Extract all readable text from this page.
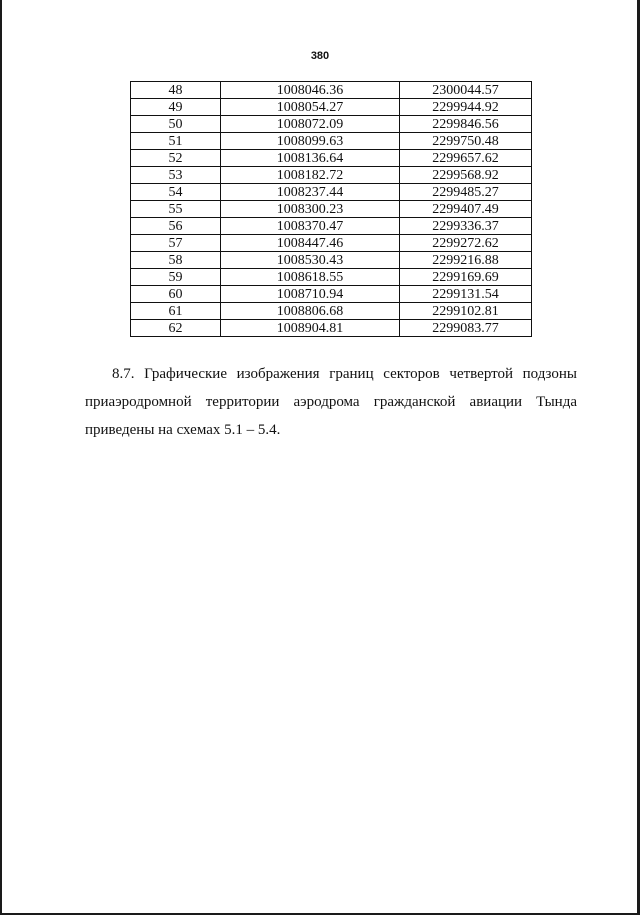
380
48	1008046.36	2300044.57
49	1008054.27	2299944.92
50	1008072.09	2299846.56
51	1008099.63	2299750.48
52	1008136.64	2299657.62
53	1008182.72	2299568.92
54	1008237.44	2299485.27
55	1008300.23	2299407.49
56	1008370.47	2299336.37
57	1008447.46	2299272.62
58	1008530.43	2299216.88
59	1008618.55	2299169.69
60	1008710.94	2299131.54
61	1008806.68	2299102.81
62	1008904.81	2299083.77

8.7. Графические изображения границ секторов четвертой подзоны приаэродромной территории аэродрома гражданской авиации Тында приведены на схемах 5.1 – 5.4.
